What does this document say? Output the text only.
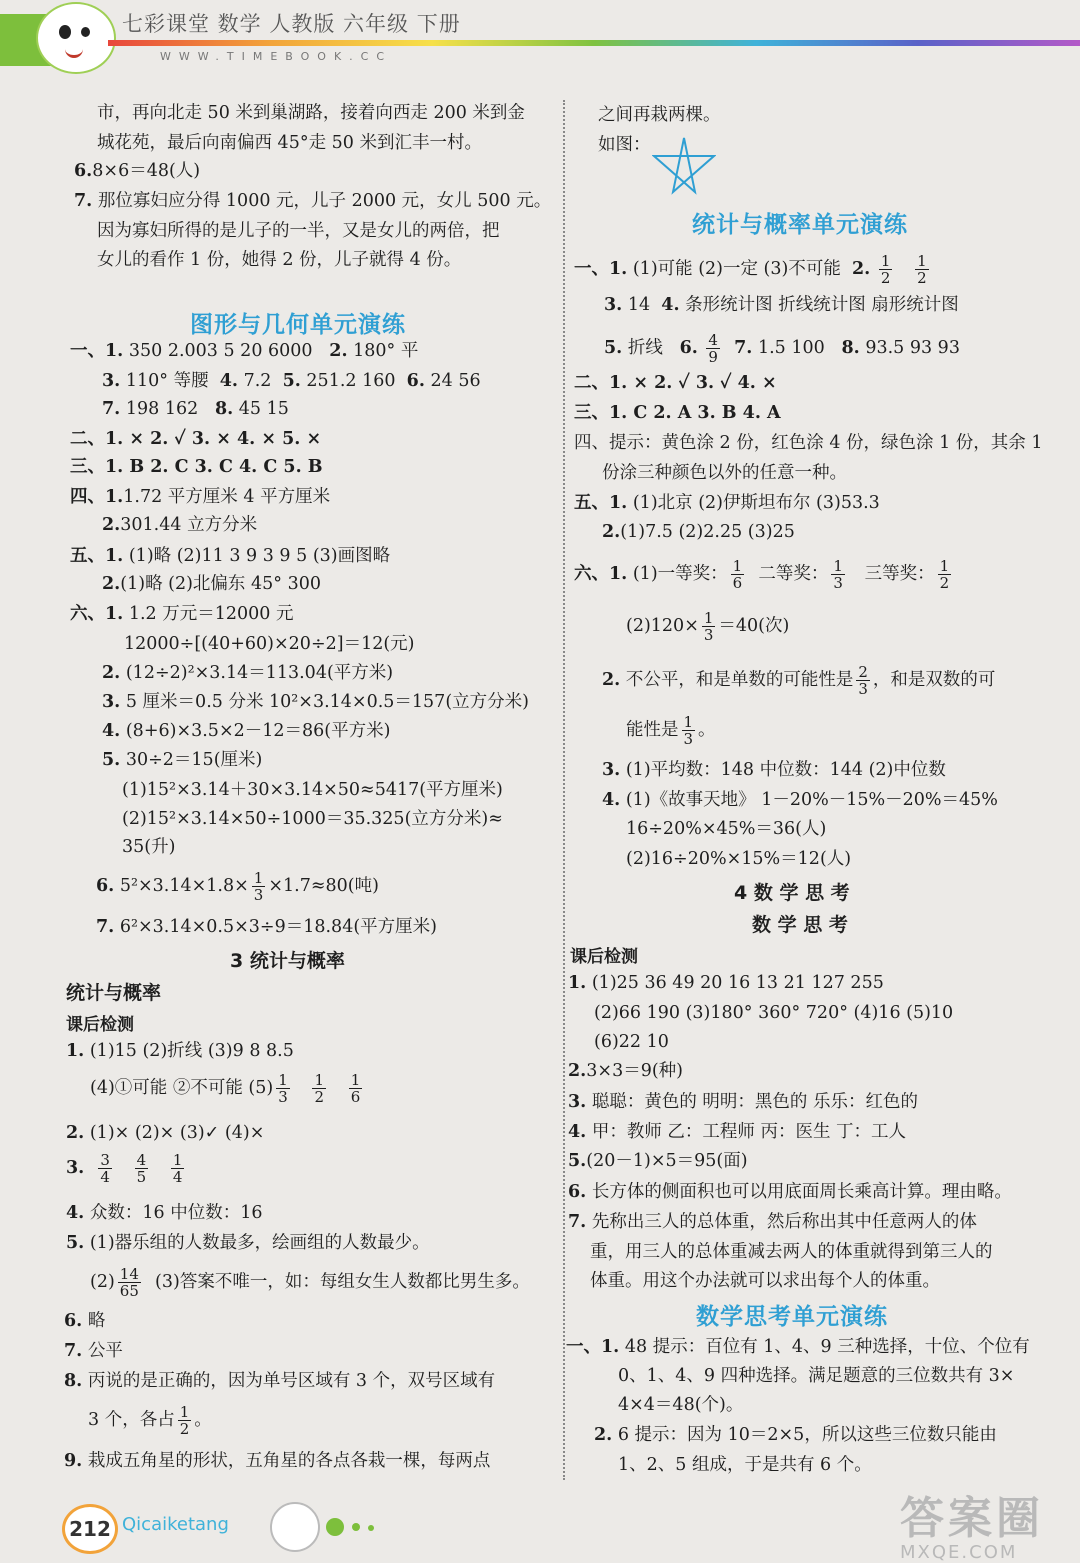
七彩课堂 数学 人教版 六年级 下册
WWW.TIMEBOOK.CC
市，再向北走 50 米到巢湖路，接着向西走 200 米到金
城花苑，最后向南偏西 45°走 50 米到汇丰一村。
6.8×6＝48(人)
7. 那位寡妇应分得 1000 元，儿子 2000 元，女儿 500 元。
因为寡妇所得的是儿子的一半，又是女儿的两倍，把
女儿的看作 1 份，她得 2 份，儿子就得 4 份。
图形与几何单元演练
一、1. 350 2.003 5 20 6000 2. 180° 平
3. 110° 等腰 4. 7.2 5. 251.2 160 6. 24 56
7. 198 162 8. 45 15
二、1. × 2. ✓ 3. × 4. × 5. ×
三、1. B 2. C 3. C 4. C 5. B
四、1.1.72 平方厘米 4 平方厘米
2.301.44 立方分米
五、1. (1)略 (2)11 3 9 3 9 5 (3)画图略
2.(1)略 (2)北偏东 45° 300
六、1. 1.2 万元＝12000 元
12000÷[(40+60)×20÷2]＝12(元)
2. (12÷2)²×3.14＝113.04(平方米)
3. 5 厘米＝0.5 分米 10²×3.14×0.5＝157(立方分米)
4. (8+6)×3.5×2－12＝86(平方米)
5. 30÷2＝15(厘米)
(1)15²×3.14＋30×3.14×50≈5417(平方厘米)
(2)15²×3.14×50÷1000＝35.325(立方分米)≈
35(升)
6. $5^2\times 3.14\times 1.8\times \frac{1}{3} \times 1.7\approx 80$(吨)
7. 6²×3.14×0.5×3÷9＝18.84(平方厘米)
3 统计与概率
统计与概率
课后检测
1. (1)15 (2)折线 (3)9 8 8.5
(4)①可能 ②不可能 $(5) \frac{1}{3}$
$\frac{1}{2}$
$\frac{1}{6}$
2. (1)× (2)× (3)✓ (4)×
3. $\frac{3}{4}$
$\frac{4}{5}$
$\frac{1}{4}$
4. 众数：16 中位数：16
5. (1)器乐组的人数最多，绘画组的人数最少。
$(2) \frac{14}{65} (3)$答案不唯一，如：每组女生人数都比男生多。
6. 略
7. 公平
8. 丙说的是正确的，因为单号区域有 3 个，双号区域有
3 个，各占 $\frac{1}{2}$ 。
9. 栽成五角星的形状，五角星的各点各栽一棵，每两点
之间再栽两棵。
如图：
统计与概率单元演练
一、1. (1)可能 (2)一定 (3)不可能 2. $\frac{1}{2}$
$\frac{1}{2}$
3. 14 4. 条形统计图 折线统计图 扇形统计图
5. 折线 6. $\frac{4}{9} 7$. 1.5 100 8. 93.5 93 93
二、1. × 2. ✓ 3. ✓ 4. ×
三、1. C 2. A 3. B 4. A
四、提示：黄色涂 2 份，红色涂 4 份，绿色涂 1 份，其余 1
份涂三种颜色以外的任意一种。
五、1. (1)北京 (2)伊斯坦布尔 (3)53.3
2.(1)7.5 (2)2.25 (3)25
六、1. (1)一等奖： $\frac{1}{6}$ 二等奖： $\frac{1}{3}$ 三等奖： $\frac{1}{2}$
$(2)120\times \frac{1}{3} =40$(次)
2. 不公平，和是单数的可能性是 $\frac{2}{3}$ ，和是双数的可
能性是 $\frac{1}{3}$ 。
3. (1)平均数：148 中位数：144 (2)中位数
4. (1)《故事天地》 1－20%－15%－20%＝45%
16÷20%×45%＝36(人)
(2)16÷20%×15%＝12(人)
4 数 学 思 考
数 学 思 考
课后检测
1. (1)25 36 49 20 16 13 21 127 255
(2)66 190 (3)180° 360° 720° (4)16 (5)10
(6)22 10
2.3×3＝9(种)
3. 聪聪：黄色的 明明：黑色的 乐乐：红色的
4. 甲：教师 乙：工程师 丙：医生 丁：工人
5.(20－1)×5＝95(面)
6. 长方体的侧面积也可以用底面周长乘高计算。理由略。
7. 先称出三人的总体重，然后称出其中任意两人的体
重，用三人的总体重减去两人的体重就得到第三人的
体重。用这个办法就可以求出每个人的体重。
数学思考单元演练
一、1. 48 提示：百位有 1、4、9 三种选择，十位、个位有
0、1、4、9 四种选择。满足题意的三位数共有 3×
4×4＝48(个)。
2. 6 提示：因为 10＝2×5，所以这些三位数只能由
1、2、5 组成，于是共有 6 个。
212 Qicaiketang	答案圈
MXQE.COM
